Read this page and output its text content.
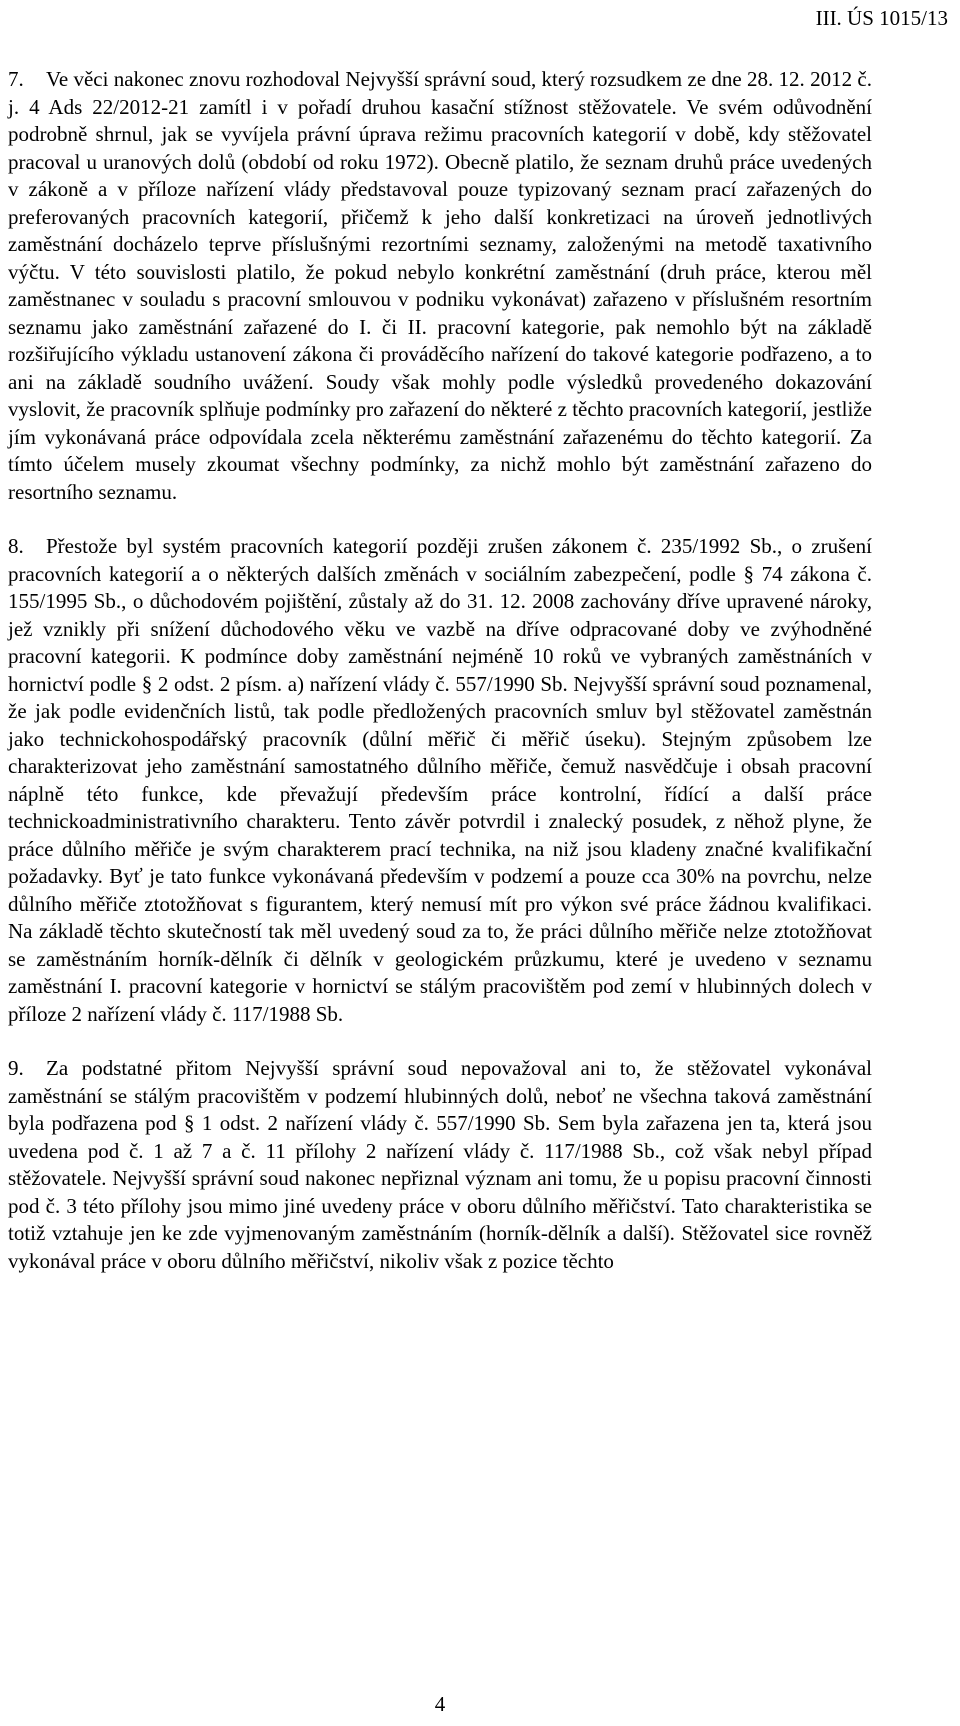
III. ÚS 1015/13

7. Ve věci nakonec znovu rozhodoval Nejvyšší správní soud, který rozsudkem ze dne 28. 12. 2012 č. j. 4 Ads 22/2012-21 zamítl i v pořadí druhou kasační stížnost stěžovatele. Ve svém odůvodnění podrobně shrnul, jak se vyvíjela právní úprava režimu pracovních kategorií v době, kdy stěžovatel pracoval u uranových dolů (období od roku 1972). Obecně platilo, že seznam druhů práce uvedených v zákoně a v příloze nařízení vlády představoval pouze typizovaný seznam prací zařazených do preferovaných pracovních kategorií, přičemž k jeho další konkretizaci na úroveň jednotlivých zaměstnání docházelo teprve příslušnými rezortními seznamy, založenými na metodě taxativního výčtu. V této souvislosti platilo, že pokud nebylo konkrétní zaměstnání (druh práce, kterou měl zaměstnanec v souladu s pracovní smlouvou v podniku vykonávat) zařazeno v příslušném resortním seznamu jako zaměstnání zařazené do I. či II. pracovní kategorie, pak nemohlo být na základě rozšiřujícího výkladu ustanovení zákona či prováděcího nařízení do takové kategorie podřazeno, a to ani na základě soudního uvážení. Soudy však mohly podle výsledků provedeného dokazování vyslovit, že pracovník splňuje podmínky pro zařazení do některé z těchto pracovních kategorií, jestliže jím vykonávaná práce odpovídala zcela některému zaměstnání zařazenému do těchto kategorií. Za tímto účelem musely zkoumat všechny podmínky, za nichž mohlo být zaměstnání zařazeno do resortního seznamu.

8. Přestože byl systém pracovních kategorií později zrušen zákonem č. 235/1992 Sb., o zrušení pracovních kategorií a o některých dalších změnách v sociálním zabezpečení, podle § 74 zákona č. 155/1995 Sb., o důchodovém pojištění, zůstaly až do 31. 12. 2008 zachovány dříve upravené nároky, jež vznikly při snížení důchodového věku ve vazbě na dříve odpracované doby ve zvýhodněné pracovní kategorii. K podmínce doby zaměstnání nejméně 10 roků ve vybraných zaměstnáních v hornictví podle § 2 odst. 2 písm. a) nařízení vlády č. 557/1990 Sb. Nejvyšší správní soud poznamenal, že jak podle evidenčních listů, tak podle předložených pracovních smluv byl stěžovatel zaměstnán jako technickohospodářský pracovník (důlní měřič či měřič úseku). Stejným způsobem lze charakterizovat jeho zaměstnání samostatného důlního měřiče, čemuž nasvědčuje i obsah pracovní náplně této funkce, kde převažují především práce kontrolní, řídící a další práce technickoadministrativního charakteru. Tento závěr potvrdil i znalecký posudek, z něhož plyne, že práce důlního měřiče je svým charakterem prací technika, na niž jsou kladeny značné kvalifikační požadavky. Byť je tato funkce vykonávaná především v podzemí a pouze cca 30% na povrchu, nelze důlního měřiče ztotožňovat s figurantem, který nemusí mít pro výkon své práce žádnou kvalifikaci. Na základě těchto skutečností tak měl uvedený soud za to, že práci důlního měřiče nelze ztotožňovat se zaměstnáním horník-dělník či dělník v geologickém průzkumu, které je uvedeno v seznamu zaměstnání I. pracovní kategorie v hornictví se stálým pracovištěm pod zemí v hlubinných dolech v příloze 2 nařízení vlády č. 117/1988 Sb.

9. Za podstatné přitom Nejvyšší správní soud nepovažoval ani to, že stěžovatel vykonával zaměstnání se stálým pracovištěm v podzemí hlubinných dolů, neboť ne všechna taková zaměstnání byla podřazena pod § 1 odst. 2 nařízení vlády č. 557/1990 Sb. Sem byla zařazena jen ta, která jsou uvedena pod č. 1 až 7 a č. 11 přílohy 2 nařízení vlády č. 117/1988 Sb., což však nebyl případ stěžovatele. Nejvyšší správní soud nakonec nepřiznal význam ani tomu, že u popisu pracovní činnosti pod č. 3 této přílohy jsou mimo jiné uvedeny práce v oboru důlního měřičství. Tato charakteristika se totiž vztahuje jen ke zde vyjmenovaným zaměstnáním (horník-dělník a další). Stěžovatel sice rovněž vykonával práce v oboru důlního měřičství, nikoliv však z pozice těchto

4
